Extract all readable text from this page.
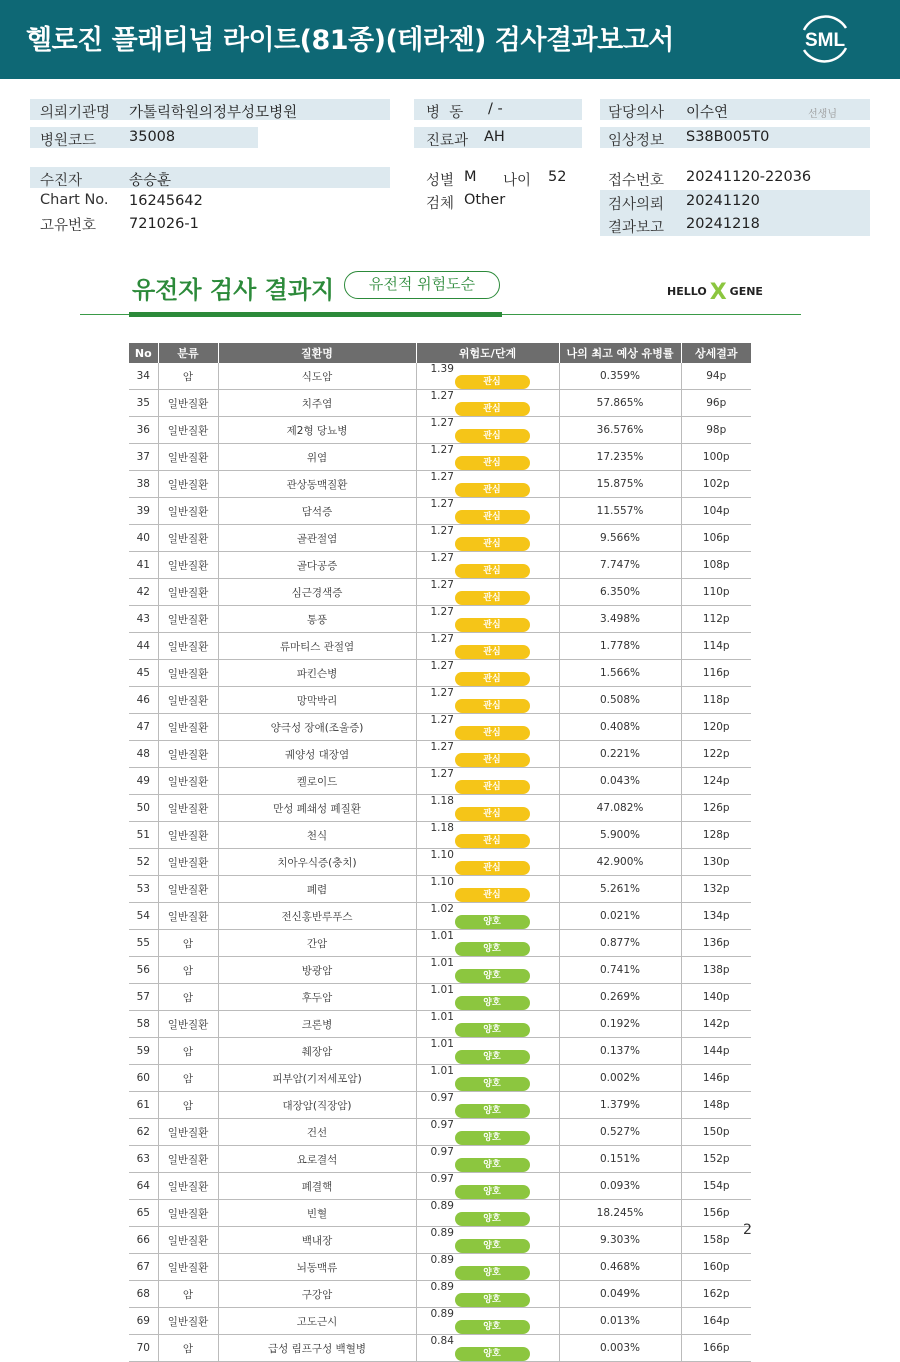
헬로진 플래티넘 라이트(81종)(테라젠) 검사결과보고서	SML
의뢰기관명 가톨릭학원의정부성모병원	병  동 / -	담당의사 이수연	선생님
병원코드 35008	진료과 AH	임상정보 S38B005T0
수진자	송승훈	성별 M 나이 52	접수번호 20241120-22036
Chart No. 16245642	검체 Other	검사의뢰 20241120
고유번호 721026-1	결과보고 20241218
유전자 검사 결과지	유전적 위험도순	HELLO X GENE
No	분류	질환명	위험도/단계	나의 최고 예상 유병률	상세결과
34	암	식도암	1.39관심	0.359%	94p
35	일반질환	치주염	1.27관심	57.865%	96p
36	일반질환	제2형 당뇨병	1.27관심	36.576%	98p
37	일반질환	위염	1.27관심	17.235%	100p
38	일반질환	관상동맥질환	1.27관심	15.875%	102p
39	일반질환	담석증	1.27관심	11.557%	104p
40	일반질환	골관절염	1.27관심	9.566%	106p
41	일반질환	골다공증	1.27관심	7.747%	108p
42	일반질환	심근경색증	1.27관심	6.350%	110p
43	일반질환	통풍	1.27관심	3.498%	112p
44	일반질환	류마티스 관절염	1.27관심	1.778%	114p
45	일반질환	파킨슨병	1.27관심	1.566%	116p
46	일반질환	망막박리	1.27관심	0.508%	118p
47	일반질환	양극성 장애(조울증)	1.27관심	0.408%	120p
48	일반질환	궤양성 대장염	1.27관심	0.221%	122p
49	일반질환	켈로이드	1.27관심	0.043%	124p
50	일반질환	만성 폐쇄성 폐질환	1.18관심	47.082%	126p
51	일반질환	천식	1.18관심	5.900%	128p
52	일반질환	치아우식증(충치)	1.10관심	42.900%	130p
53	일반질환	폐렴	1.10관심	5.261%	132p
54	일반질환	전신홍반루푸스	1.02양호	0.021%	134p
55	암	간암	1.01양호	0.877%	136p
56	암	방광암	1.01양호	0.741%	138p
57	암	후두암	1.01양호	0.269%	140p
58	일반질환	크론병	1.01양호	0.192%	142p
59	암	췌장암	1.01양호	0.137%	144p
60	암	피부암(기저세포암)	1.01양호	0.002%	146p
61	암	대장암(직장암)	0.97양호	1.379%	148p
62	일반질환	건선	0.97양호	0.527%	150p
63	일반질환	요로결석	0.97양호	0.151%	152p
64	일반질환	폐결핵	0.97양호	0.093%	154p
65	일반질환	빈혈	0.89양호	18.245%	156p
66	일반질환	백내장	0.89양호	9.303%	158p
67	일반질환	뇌동맥류	0.89양호	0.468%	160p
68	암	구강암	0.89양호	0.049%	162p
69	일반질환	고도근시	0.89양호	0.013%	164p
70	암	급성 림프구성 백혈병	0.84양호	0.003%	166p
2
